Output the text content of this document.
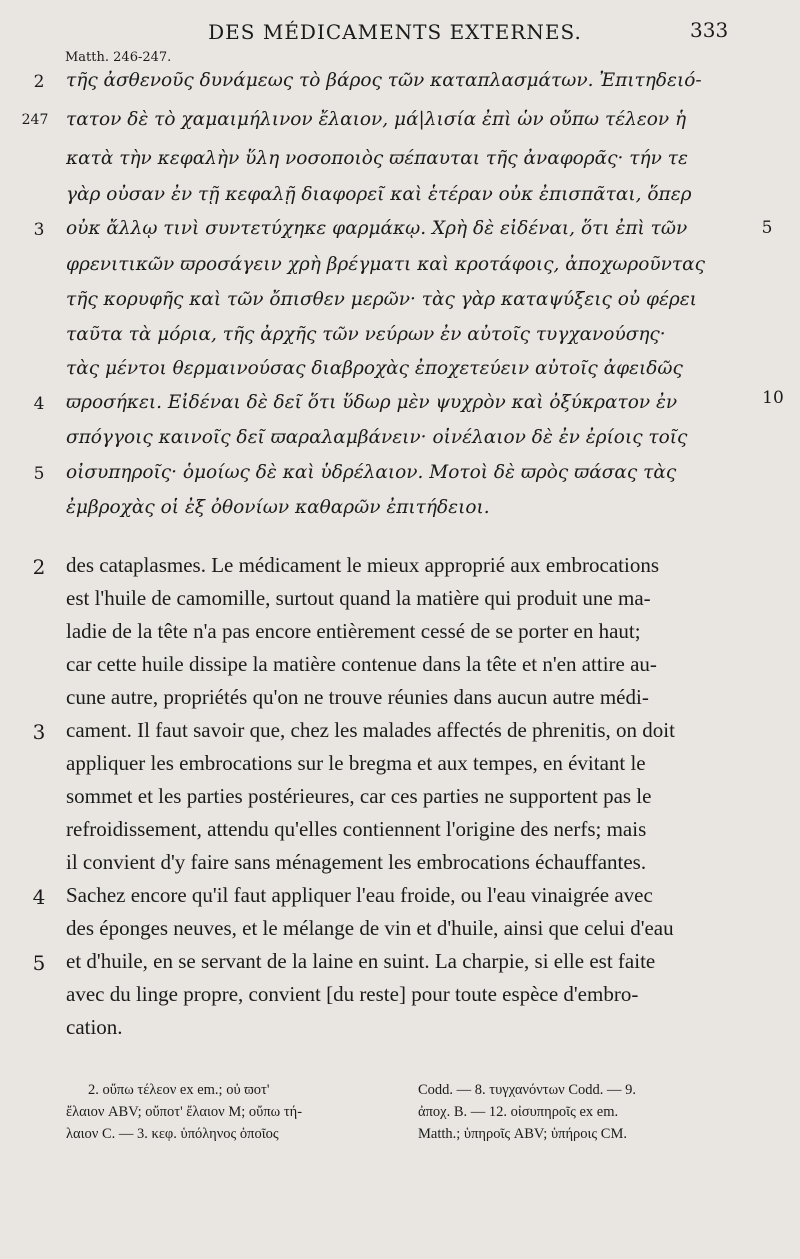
DES MÉDICAMENTS EXTERNES.	333
Matth. 246-247.
τῆς ἀσθενοῦς δυνάμεως τὸ βάρος τῶν καταπλασμάτων. Ἐπιτηδειό-
τατον δὲ τὸ χαμαιμήλινον ἔλαιον, μά|λισία ἐπὶ ὧν οὔπω τέλεον ἡ
κατὰ τὴν κεφαλὴν ὕλη νοσοποιὸς ϖέπαυται τῆς ἀναφορᾶς· τήν τε
γὰρ οὖσαν ἐν τῇ κεφαλῇ διαφορεῖ καὶ ἑτέραν οὐκ ἐπισπᾶται, ὅπερ
οὐκ ἄλλῳ τινὶ συντετύχηκε φαρμάκῳ. Χρὴ δὲ εἰδέναι, ὅτι ἐπὶ τῶν
φρενιτικῶν ϖροσάγειν χρὴ βρέγματι καὶ κροτάφοις, ἀποχωροῦντας
τῆς κορυφῆς καὶ τῶν ὄπισθεν μερῶν· τὰς γὰρ καταψύξεις οὐ φέρει
ταῦτα τὰ μόρια, τῆς ἀρχῆς τῶν νεύρων ἐν αὐτοῖς τυγχανούσης·
τὰς μέντοι θερμαινούσας διαβροχὰς ἐποχετεύειν αὐτοῖς ἀφειδῶς
ϖροσήκει. Εἰδέναι δὲ δεῖ ὅτι ὕδωρ μὲν ψυχρὸν καὶ ὀξύκρατον ἐν
σπόγγοις καινοῖς δεῖ ϖαραλαμβάνειν· οἰνέλαιον δὲ ἐν ἐρίοις τοῖς
οἰσυπηροῖς· ὁμοίως δὲ καὶ ὑδρέλαιον. Μοτοὶ δὲ ϖρὸς ϖάσας τὰς
ἐμβροχὰς οἱ ἐξ ὀθονίων καθαρῶν ἐπιτήδειοι.
2
247
3
4
5
5
10
des cataplasmes. Le médicament le mieux approprié aux embrocations
est l'huile de camomille, surtout quand la matière qui produit une ma-
ladie de la tête n'a pas encore entièrement cessé de se porter en haut;
car cette huile dissipe la matière contenue dans la tête et n'en attire au-
cune autre, propriétés qu'on ne trouve réunies dans aucun autre médi-
cament. Il faut savoir que, chez les malades affectés de phrenitis, on doit
appliquer les embrocations sur le bregma et aux tempes, en évitant le
sommet et les parties postérieures, car ces parties ne supportent pas le
refroidissement, attendu qu'elles contiennent l'origine des nerfs; mais
il convient d'y faire sans ménagement les embrocations échauffantes.
Sachez encore qu'il faut appliquer l'eau froide, ou l'eau vinaigrée avec
des éponges neuves, et le mélange de vin et d'huile, ainsi que celui d'eau
et d'huile, en se servant de la laine en suint. La charpie, si elle est faite
avec du linge propre, convient [du reste] pour toute espèce d'embro-
cation.
2
3
4
5
2. οὔπω τέλεον ex em.; οὐ ϖοτ'
ἔλαιον ABV; οὔποτ' ἔλαιον M; οὔπω τή-
λαιον C. — 3. κεφ. ὑπόληνος ὁποῖος
Codd. — 8. τυγχανόντων Codd. — 9.
ἀποχ. B. — 12. οἰσυπηροῖς ex em.
Matth.; ὑπηροῖς ABV; ὑπήροις CM.
